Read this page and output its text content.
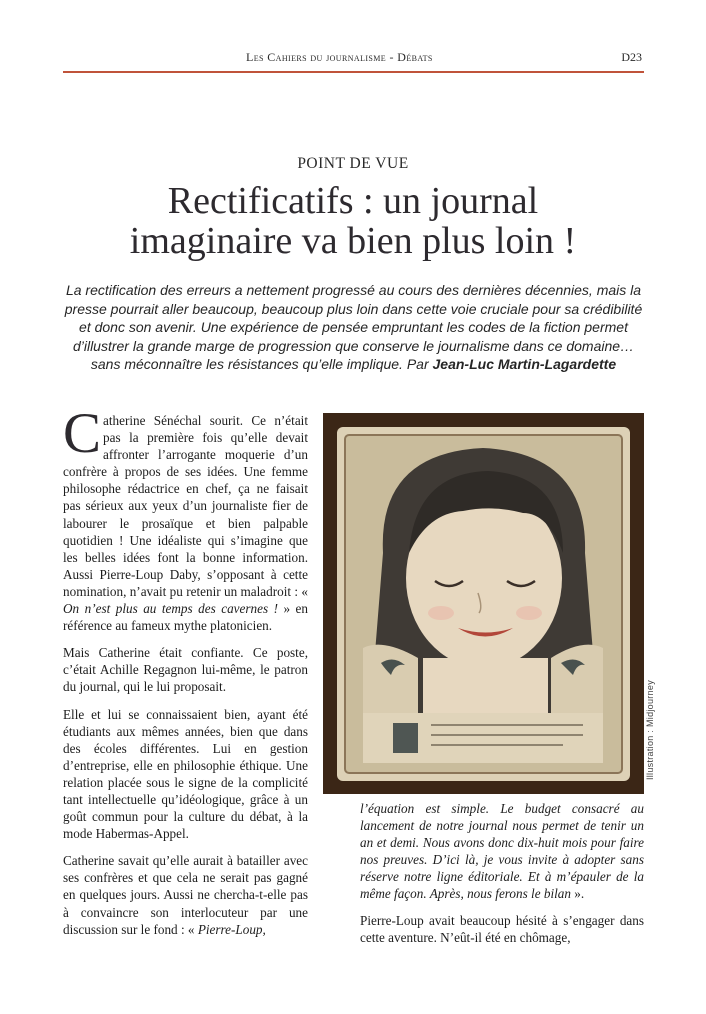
Les Cahiers du journalisme - Débats	D23
POINT DE VUE
Rectificatifs : un journal
imaginaire va bien plus loin !
La rectification des erreurs a nettement progressé au cours des dernières décennies, mais la presse pourrait aller beaucoup, beaucoup plus loin dans cette voie cruciale pour sa crédibilité et donc son avenir. Une expérience de pensée empruntant les codes de la fiction permet d’illustrer la grande marge de progression que conserve le journalisme dans ce domaine… sans méconnaître les résistances qu’elle implique. Par Jean-Luc Martin-Lagardette

Catherine Sénéchal sourit. Ce n’était pas la première fois qu’elle devait affronter l’arrogante moquerie d’un confrère à propos de ses idées. Une femme philosophe rédactrice en chef, ça ne faisait pas sérieux aux yeux d’un journaliste fier de labourer le prosaïque et bien palpable quotidien ! Une idéaliste qui s’imagine que les belles idées font la bonne information. Aussi Pierre-Loup Daby, s’opposant à cette nomination, n’avait pu retenir un maladroit : « On n’est plus au temps des cavernes ! » en référence au fameux mythe platonicien.

Mais Catherine était confiante. Ce poste, c’était Achille Regagnon lui-même, le patron du journal, qui le lui proposait.

Elle et lui se connaissaient bien, ayant été étudiants aux mêmes années, bien que dans des écoles différentes. Lui en gestion d’entreprise, elle en philosophie éthique. Une relation placée sous le signe de la complicité tant intellectuelle qu’idéologique, grâce à un goût commun pour la culture du débat, à la mode Habermas-Appel.

Catherine savait qu’elle aurait à batailler avec ses confrères et que cela ne serait pas gagné en quelques jours. Aussi ne chercha-t-elle pas à convaincre son interlocuteur par une discussion sur le fond : « Pierre-Loup,

Illustration : Midjourney

l’équation est simple. Le budget consacré au lancement de notre journal nous permet de tenir un an et demi. Nous avons donc dix-huit mois pour faire nos preuves. D’ici là, je vous invite à adopter sans réserve notre ligne éditoriale. Et à m’épauler de la même façon. Après, nous ferons le bilan ».

Pierre-Loup avait beaucoup hésité à s’engager dans cette aventure. N’eût-il été en chômage,
